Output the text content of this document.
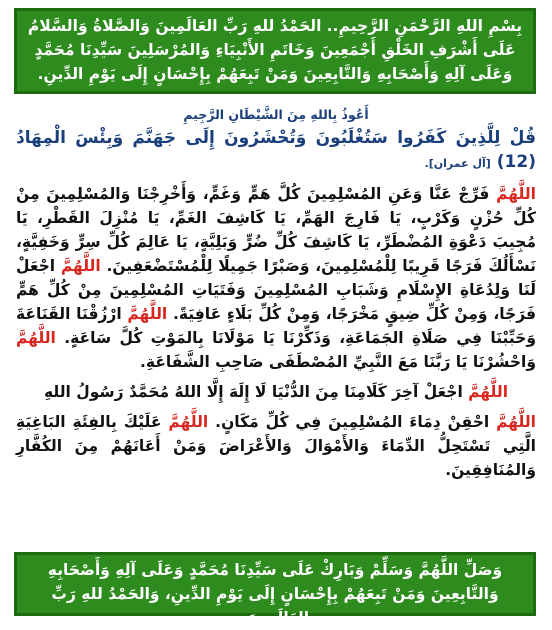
بِسْمِ اللهِ الرَّحْمَنِ الرَّحِيمِ.. الحَمْدُ للهِ رَبِّ العَالَمِينَ وَالصَّلاةُ وَالسَّلامُ عَلَى أَشْرَفِ الخَلْقِ أَجْمَعِينَ وَخَاتَمِ الأَنْبِيَاءِ وَالمُرْسَلِينَ سَيِّدِنَا مُحَمَّدٍ وَعَلَى آلِهِ وَأَصْحَابِهِ وَالتَّابِعِينَ وَمَنْ تَبِعَهُمْ بِإِحْسَانٍ إِلَى يَوْمِ الدِّينِ.

أَعُوذُ بِاللهِ مِنَ الشَّيْطَانِ الرَّجِيمِ

قُلْ لِلَّذِينَ كَفَرُوا سَتُغْلَبُونَ وَتُحْشَرُونَ إِلَى جَهَنَّمَ وَبِئْسَ الْمِهَادُ (12) [آل عمران].

اللَّهُمَّ فَرِّجْ عَنَّا وَعَنِ المُسْلِمِينَ كُلَّ هَمٍّ وَغَمٍّ، وَأَخْرِجْنَا وَالمُسْلِمِينَ مِنْ كُلِّ حُزْنٍ وَكَرْبٍ، يَا فَارِجَ الهَمِّ، يَا كَاشِفَ الغَمِّ، يَا مُنْزِلَ القَطْرِ، يَا مُجِيبَ دَعْوَةِ المُضْطَرِّ، يَا كَاشِفَ كُلِّ ضُرٍّ وَبَلِيَّةٍ، يَا عَالِمَ كُلِّ سِرٍّ وَخَفِيَّةٍ، نَسْأَلُكَ فَرَجًا قَرِيبًا لِلْمُسْلِمِينَ، وَصَبْرًا جَمِيلًا لِلْمُسْتَضْعَفِينَ. اللَّهُمَّ اجْعَلْ لَنَا وَلِدُعَاةِ الإِسْلَامِ وَشَبَابِ المُسْلِمِينَ وَفَتَيَاتِ المُسْلِمِينَ مِنْ كُلِّ هَمٍّ فَرَجًا، وَمِنْ كُلِّ ضِيقٍ مَخْرَجًا، وَمِنْ كُلِّ بَلَاءٍ عَافِيَةً. اللَّهُمَّ ارْزُقْنَا القَنَاعَةَ وَحَبِّبْنَا فِي صَلَاةِ الجَمَاعَةِ، وَذَكِّرْنَا يَا مَوْلَانَا بِالمَوْتِ كُلَّ سَاعَةٍ. اللَّهُمَّ وَاحْشُرْنَا يَا رَبَّنَا مَعَ النَّبِيِّ المُصْطَفَى صَاحِبِ الشَّفَاعَةِ.

اللَّهُمَّ اجْعَلْ آخِرَ كَلَامِنَا مِنَ الدُّنْيَا لَا إِلَهَ إِلَّا اللهُ مُحَمَّدٌ رَسُولُ اللهِ

اللَّهُمَّ احْقِنْ دِمَاءَ المُسْلِمِينَ فِي كُلِّ مَكَانٍ. اللَّهُمَّ عَلَيْكَ بِالفِئَةِ البَاغِيَةِ الَّتِي تَسْتَحِلُّ الدِّمَاءَ وَالأَمْوَالَ وَالأَعْرَاضَ وَمَنْ أَعَانَهُمْ مِنَ الكُفَّارِ وَالمُنَافِقِينَ.

وَصَلِّ اللَّهُمَّ وَسَلِّمْ وَبَارِكْ عَلَى سَيِّدِنَا مُحَمَّدٍ وَعَلَى آلِهِ وَأَصْحَابِهِ وَالتَّابِعِينَ وَمَنْ تَبِعَهُمْ بِإِحْسَانٍ إِلَى يَوْمِ الدِّينِ، وَالحَمْدُ للهِ رَبِّ العَالَمِينَ.
